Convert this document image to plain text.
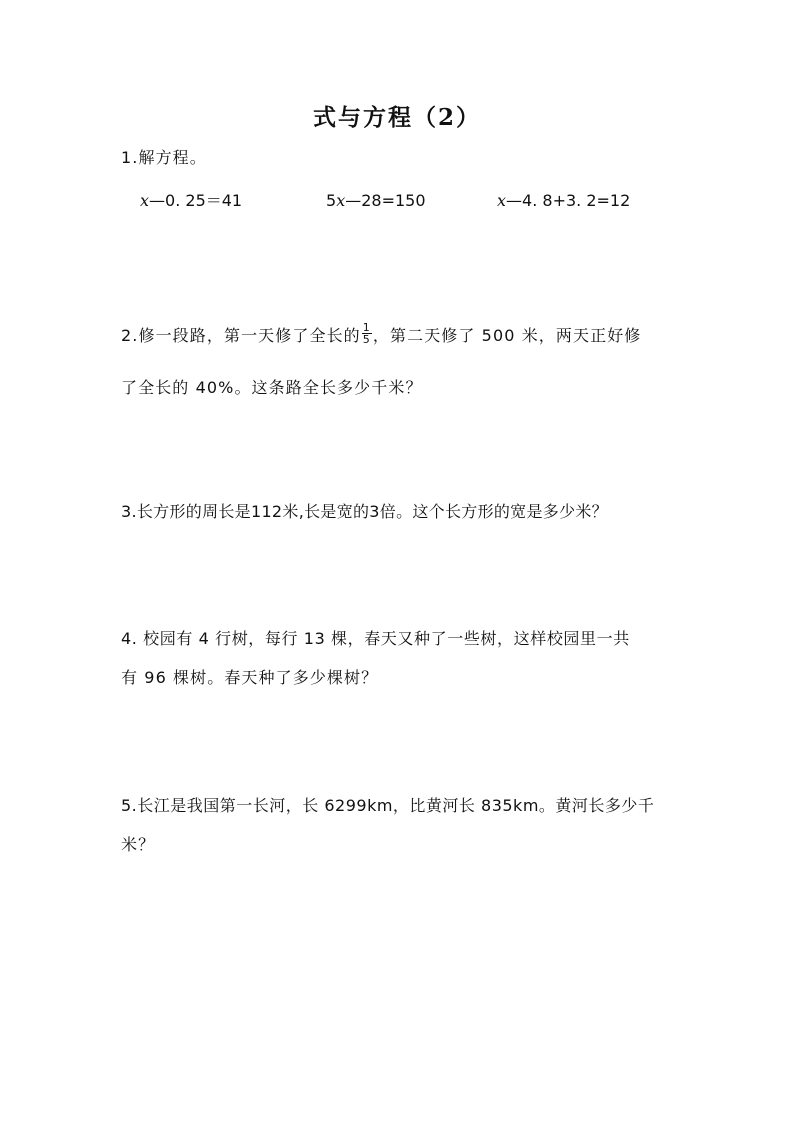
式与方程（2）
1.解方程。
x—0. 25＝41	5x—28=150	x—4. 8+3. 2=12
2.修一段路，第一天修了全长的 $\frac{1}{5}$ ，第二天修了 500 米，两天正好修
了全长的 40%。这条路全长多少千米？
3.长方形的周长是112米,长是宽的3倍。这个长方形的宽是多少米？
4. 校园有 4 行树，每行 13 棵，春天又种了一些树，这样校园里一共
有 96 棵树。春天种了多少棵树？
5.长江是我国第一长河，长 6299km，比黄河长 835km。黄河长多少千
米？
